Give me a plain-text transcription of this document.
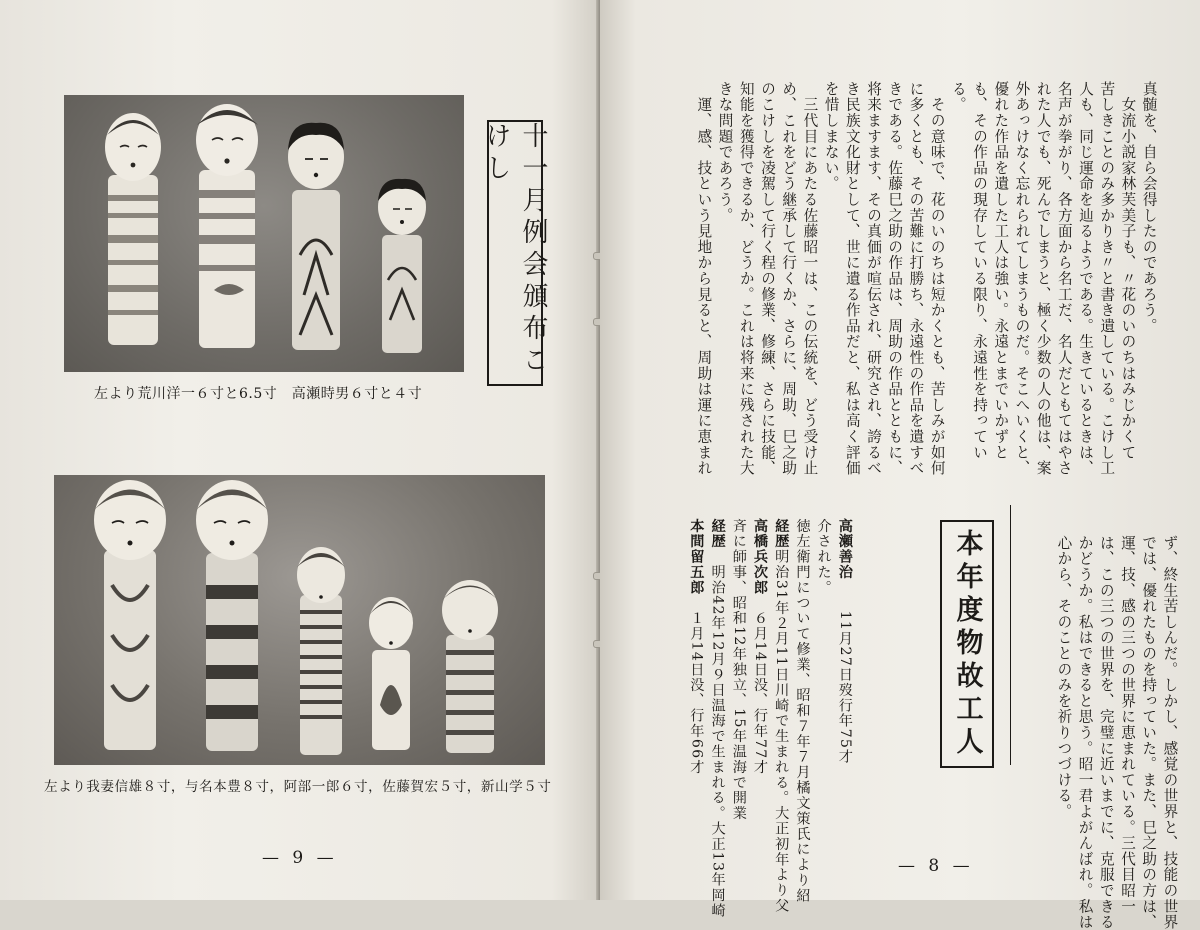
十一月例会頒布こけし
左より荒川洋一６寸と6.5寸　高瀬時男６寸と４寸
左より我妻信雄８寸，与名本豊８寸，阿部一郎６寸，佐藤賀宏５寸，新山学５寸
— 9 —

真髄を、自ら会得したのであろう。
　女流小説家林芙美子も、〃花のいのちはみじかくて
苦しきことのみ多かりき〃と書き遺している。こけし工
人も、同じ運命を辿るようである。生きているときは、
名声が拳がり、各方面から名工だ、名人だともてはやさ
れた人でも、死んでしまうと、極く少数の人の他は、案
外あっけなく忘れられてしまうものだ。そこへいくと、
優れた作品を遺した工人は強い。永遠とまでいかずと
も、その作品の現存している限り、永遠性を持ってい
る。
　その意味で、花のいのちは短かくとも、苦しみが如何
に多くとも、その苦難に打勝ち、永遠性の作品を遺すべ
きである。佐藤巳之助の作品は、周助の作品とともに、
将来ますます、その真価が喧伝され、研究され、誇るべ
き民族文化財として、世に遺る作品だと、私は高く評価
を惜しまない。
　三代目にあたる佐藤昭一は、この伝統を、どう受け止
め、これをどう継承して行くか、さらに、周助、巳之助
のこけしを凌駕して行く程の修業、修練、さらに技能、
知能を獲得できるか、どうか。これは将来に残された大
きな問題であろう。
　運、感、技という見地から見ると、周助は運に恵まれ

ず、終生苦しんだ。しかし、感覚の世界と、技能の世界
では、優れたものを持っていた。また、巳之助の方は、
運、技、感の三つの世界に恵まれている。三代目昭一
は、この三つの世界を、完璧に近いまでに、克服できる
かどうか。私はできると思う。昭一君よがんばれ。私は
心から、そのことのみを祈りつづける。

本年度物故工人

高瀬善治　　11月27日歿行年75才
介された。
徳左衛門について修業、昭和７年７月橘文策氏により紹
経歴明治31年２月11日川崎で生まれる。大正初年より父
高橋兵次郎　６月14日没、行年77才
斉に師事、昭和12年独立、15年温海で開業
経歴　明治42年12月９日温海で生まれる。大正13年岡崎
本間留五郎　１月14日没、行年66才

— 8 —
